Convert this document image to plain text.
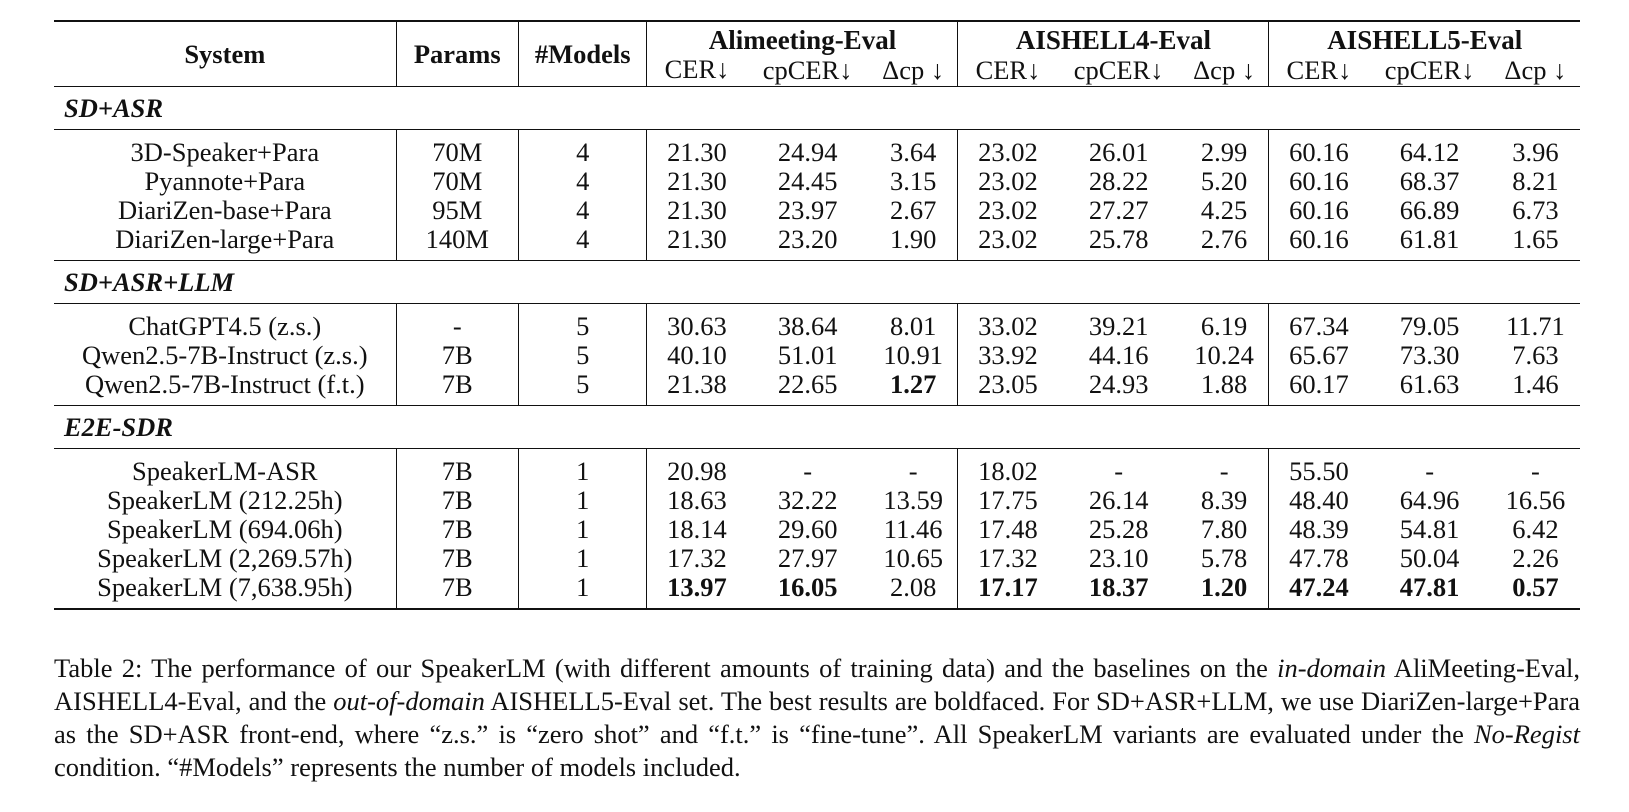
System	Params	#Models	Alimeeting-Eval			AISHELL4-Eval			AISHELL5-Eval		
			CER↓	cpCER↓	Δcp ↓	CER↓	cpCER↓	Δcp ↓	CER↓	cpCER↓	Δcp ↓
SD+ASR											
3D-Speaker+Para	70M	4	21.30	24.94	3.64	23.02	26.01	2.99	60.16	64.12	3.96
Pyannote+Para	70M	4	21.30	24.45	3.15	23.02	28.22	5.20	60.16	68.37	8.21
DiariZen-base+Para	95M	4	21.30	23.97	2.67	23.02	27.27	4.25	60.16	66.89	6.73
DiariZen-large+Para	140M	4	21.30	23.20	1.90	23.02	25.78	2.76	60.16	61.81	1.65
SD+ASR+LLM											
ChatGPT4.5 (z.s.)	-	5	30.63	38.64	8.01	33.02	39.21	6.19	67.34	79.05	11.71
Qwen2.5-7B-Instruct (z.s.)	7B	5	40.10	51.01	10.91	33.92	44.16	10.24	65.67	73.30	7.63
Qwen2.5-7B-Instruct (f.t.)	7B	5	21.38	22.65	1.27	23.05	24.93	1.88	60.17	61.63	1.46
E2E-SDR											
SpeakerLM-ASR	7B	1	20.98	-	-	18.02	-	-	55.50	-	-
SpeakerLM (212.25h)	7B	1	18.63	32.22	13.59	17.75	26.14	8.39	48.40	64.96	16.56
SpeakerLM (694.06h)	7B	1	18.14	29.60	11.46	17.48	25.28	7.80	48.39	54.81	6.42
SpeakerLM (2,269.57h)	7B	1	17.32	27.97	10.65	17.32	23.10	5.78	47.78	50.04	2.26
SpeakerLM (7,638.95h)	7B	1	13.97	16.05	2.08	17.17	18.37	1.20	47.24	47.81	0.57
Table 2: The performance of our SpeakerLM (with different amounts of training data) and the baselines on the in-domain AliMeeting-Eval, AISHELL4-Eval, and the out-of-domain AISHELL5-Eval set. The best results are boldfaced. For SD+ASR+LLM, we use DiariZen-large+Para as the SD+ASR front-end, where “z.s.” is “zero shot” and “f.t.” is “fine-tune”. All SpeakerLM variants are evaluated under the No-Regist condition. “#Models” represents the number of models included.
